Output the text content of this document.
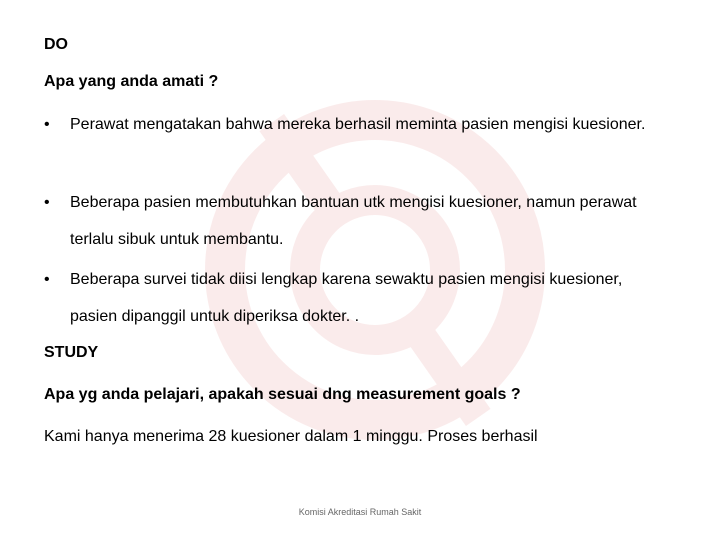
DO
Apa yang anda amati ?
• Perawat mengatakan bahwa mereka berhasil meminta pasien mengisi kuesioner.
• Beberapa pasien membutuhkan bantuan utk mengisi kuesioner, namun perawat terlalu sibuk untuk membantu.
• Beberapa survei tidak diisi lengkap karena sewaktu pasien mengisi kuesioner, pasien dipanggil untuk diperiksa dokter. .
STUDY
Apa yg anda pelajari, apakah sesuai dng measurement goals ?
Kami hanya menerima 28 kuesioner dalam 1 minggu. Proses berhasil
Komisi Akreditasi Rumah Sakit
